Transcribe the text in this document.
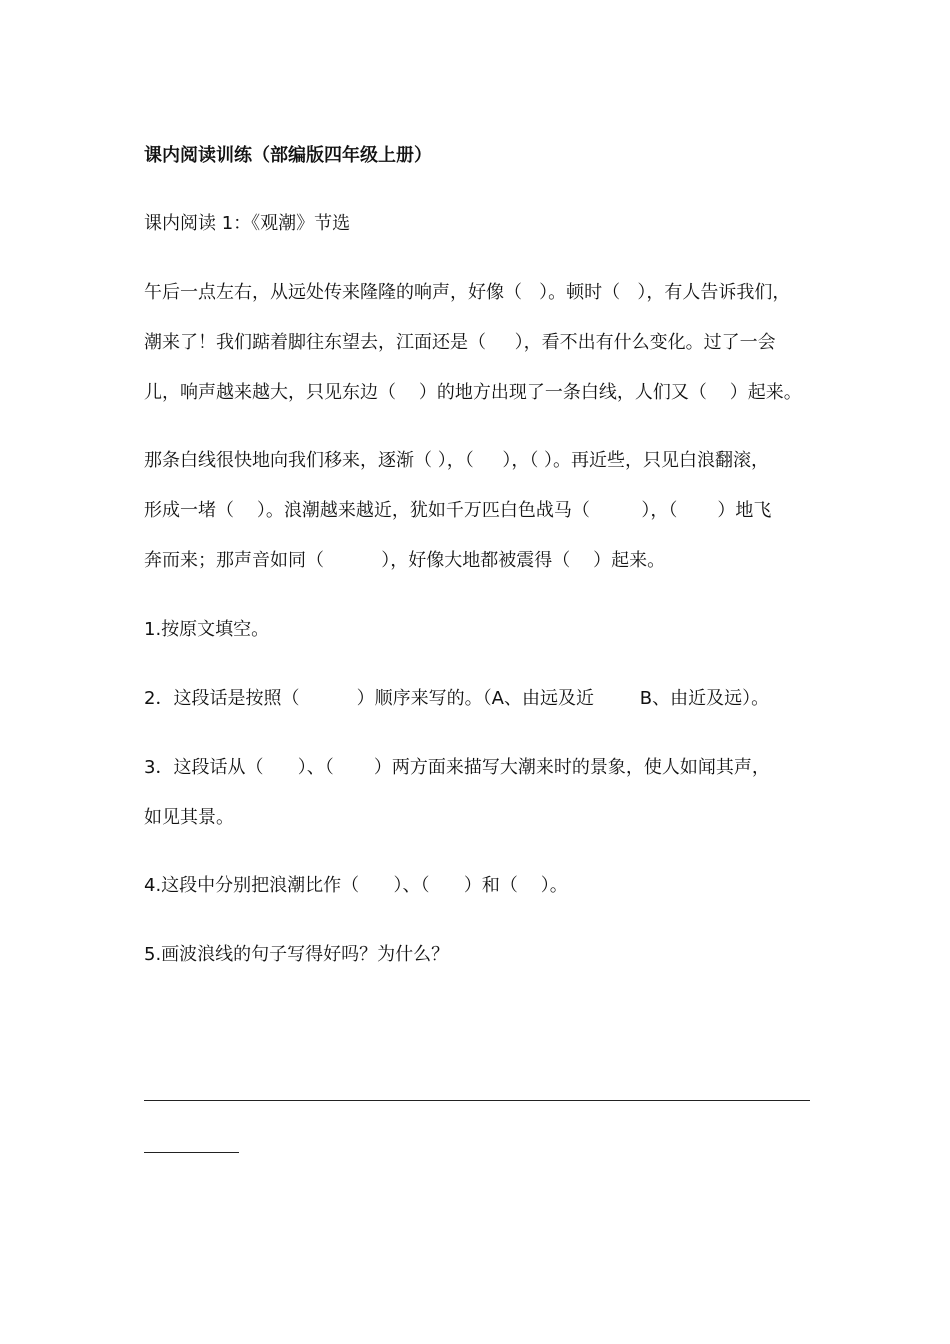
课内阅读训练（部编版四年级上册）
课内阅读 1：《观潮》节选
午后一点左右，从远处传来隆隆的响声，好像（   ）。顿时（   ），有人告诉我们，
潮来了！我们踮着脚往东望去，江面还是（     ），看不出有什么变化。过了一会
儿，响声越来越大，只见东边（    ）的地方出现了一条白线，人们又（    ）起来。
那条白线很快地向我们移来，逐渐（ ），（     ），（ ）。再近些，只见白浪翻滚，
形成一堵（    ）。浪潮越来越近，犹如千万匹白色战马（         ），（       ）地飞
奔而来；那声音如同（          ），好像大地都被震得（    ）起来。
1.按原文填空。
2．这段话是按照（          ）顺序来写的。（A、由远及近        B、由近及远）。
3．这段话从（      ）、（       ）两方面来描写大潮来时的景象，使人如闻其声，
如见其景。
4.这段中分别把浪潮比作（      ）、（      ）和（    ）。
5.画波浪线的句子写得好吗？为什么？
